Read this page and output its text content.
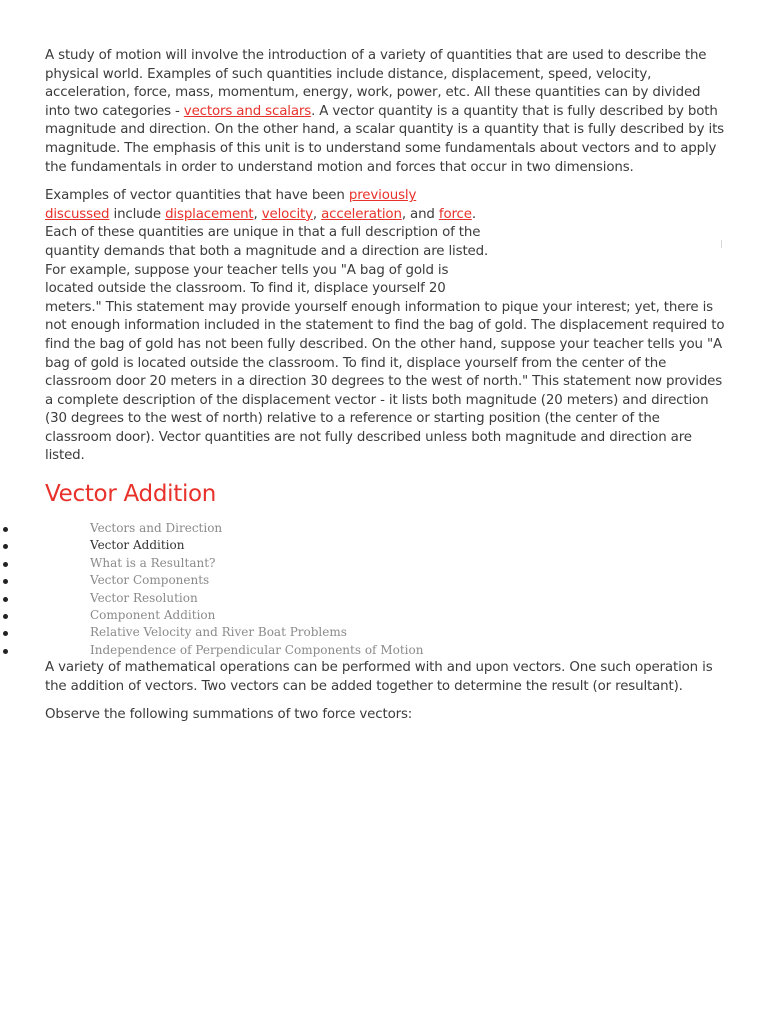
A study of motion will involve the introduction of a variety of quantities that are used to describe the physical world. Examples of such quantities include distance, displacement, speed, velocity, acceleration, force, mass, momentum, energy, work, power, etc. All these quantities can by divided into two categories - vectors and scalars. A vector quantity is a quantity that is fully described by both magnitude and direction. On the other hand, a scalar quantity is a quantity that is fully described by its magnitude. The emphasis of this unit is to understand some fundamentals about vectors and to apply the fundamentals in order to understand motion and forces that occur in two dimensions.

Examples of vector quantities that have been previously
discussed include displacement, velocity, acceleration, and force.
Each of these quantities are unique in that a full description of the
quantity demands that both a magnitude and a direction are listed.
For example, suppose your teacher tells you "A bag of gold is
located outside the classroom. To find it, displace yourself 20
meters." This statement may provide yourself enough information to pique your interest; yet, there is not enough information included in the statement to find the bag of gold. The displacement required to find the bag of gold has not been fully described. On the other hand, suppose your teacher tells you "A bag of gold is located outside the classroom. To find it, displace yourself from the center of the classroom door 20 meters in a direction 30 degrees to the west of north." This statement now provides a complete description of the displacement vector - it lists both magnitude (20 meters) and direction (30 degrees to the west of north) relative to a reference or starting position (the center of the classroom door). Vector quantities are not fully described unless both magnitude and direction are listed.

Vector Addition
Vectors and Direction
Vector Addition
What is a Resultant?
Vector Components
Vector Resolution
Component Addition
Relative Velocity and River Boat Problems
Independence of Perpendicular Components of Motion

A variety of mathematical operations can be performed with and upon vectors. One such operation is the addition of vectors. Two vectors can be added together to determine the result (or resultant).

Observe the following summations of two force vectors:
